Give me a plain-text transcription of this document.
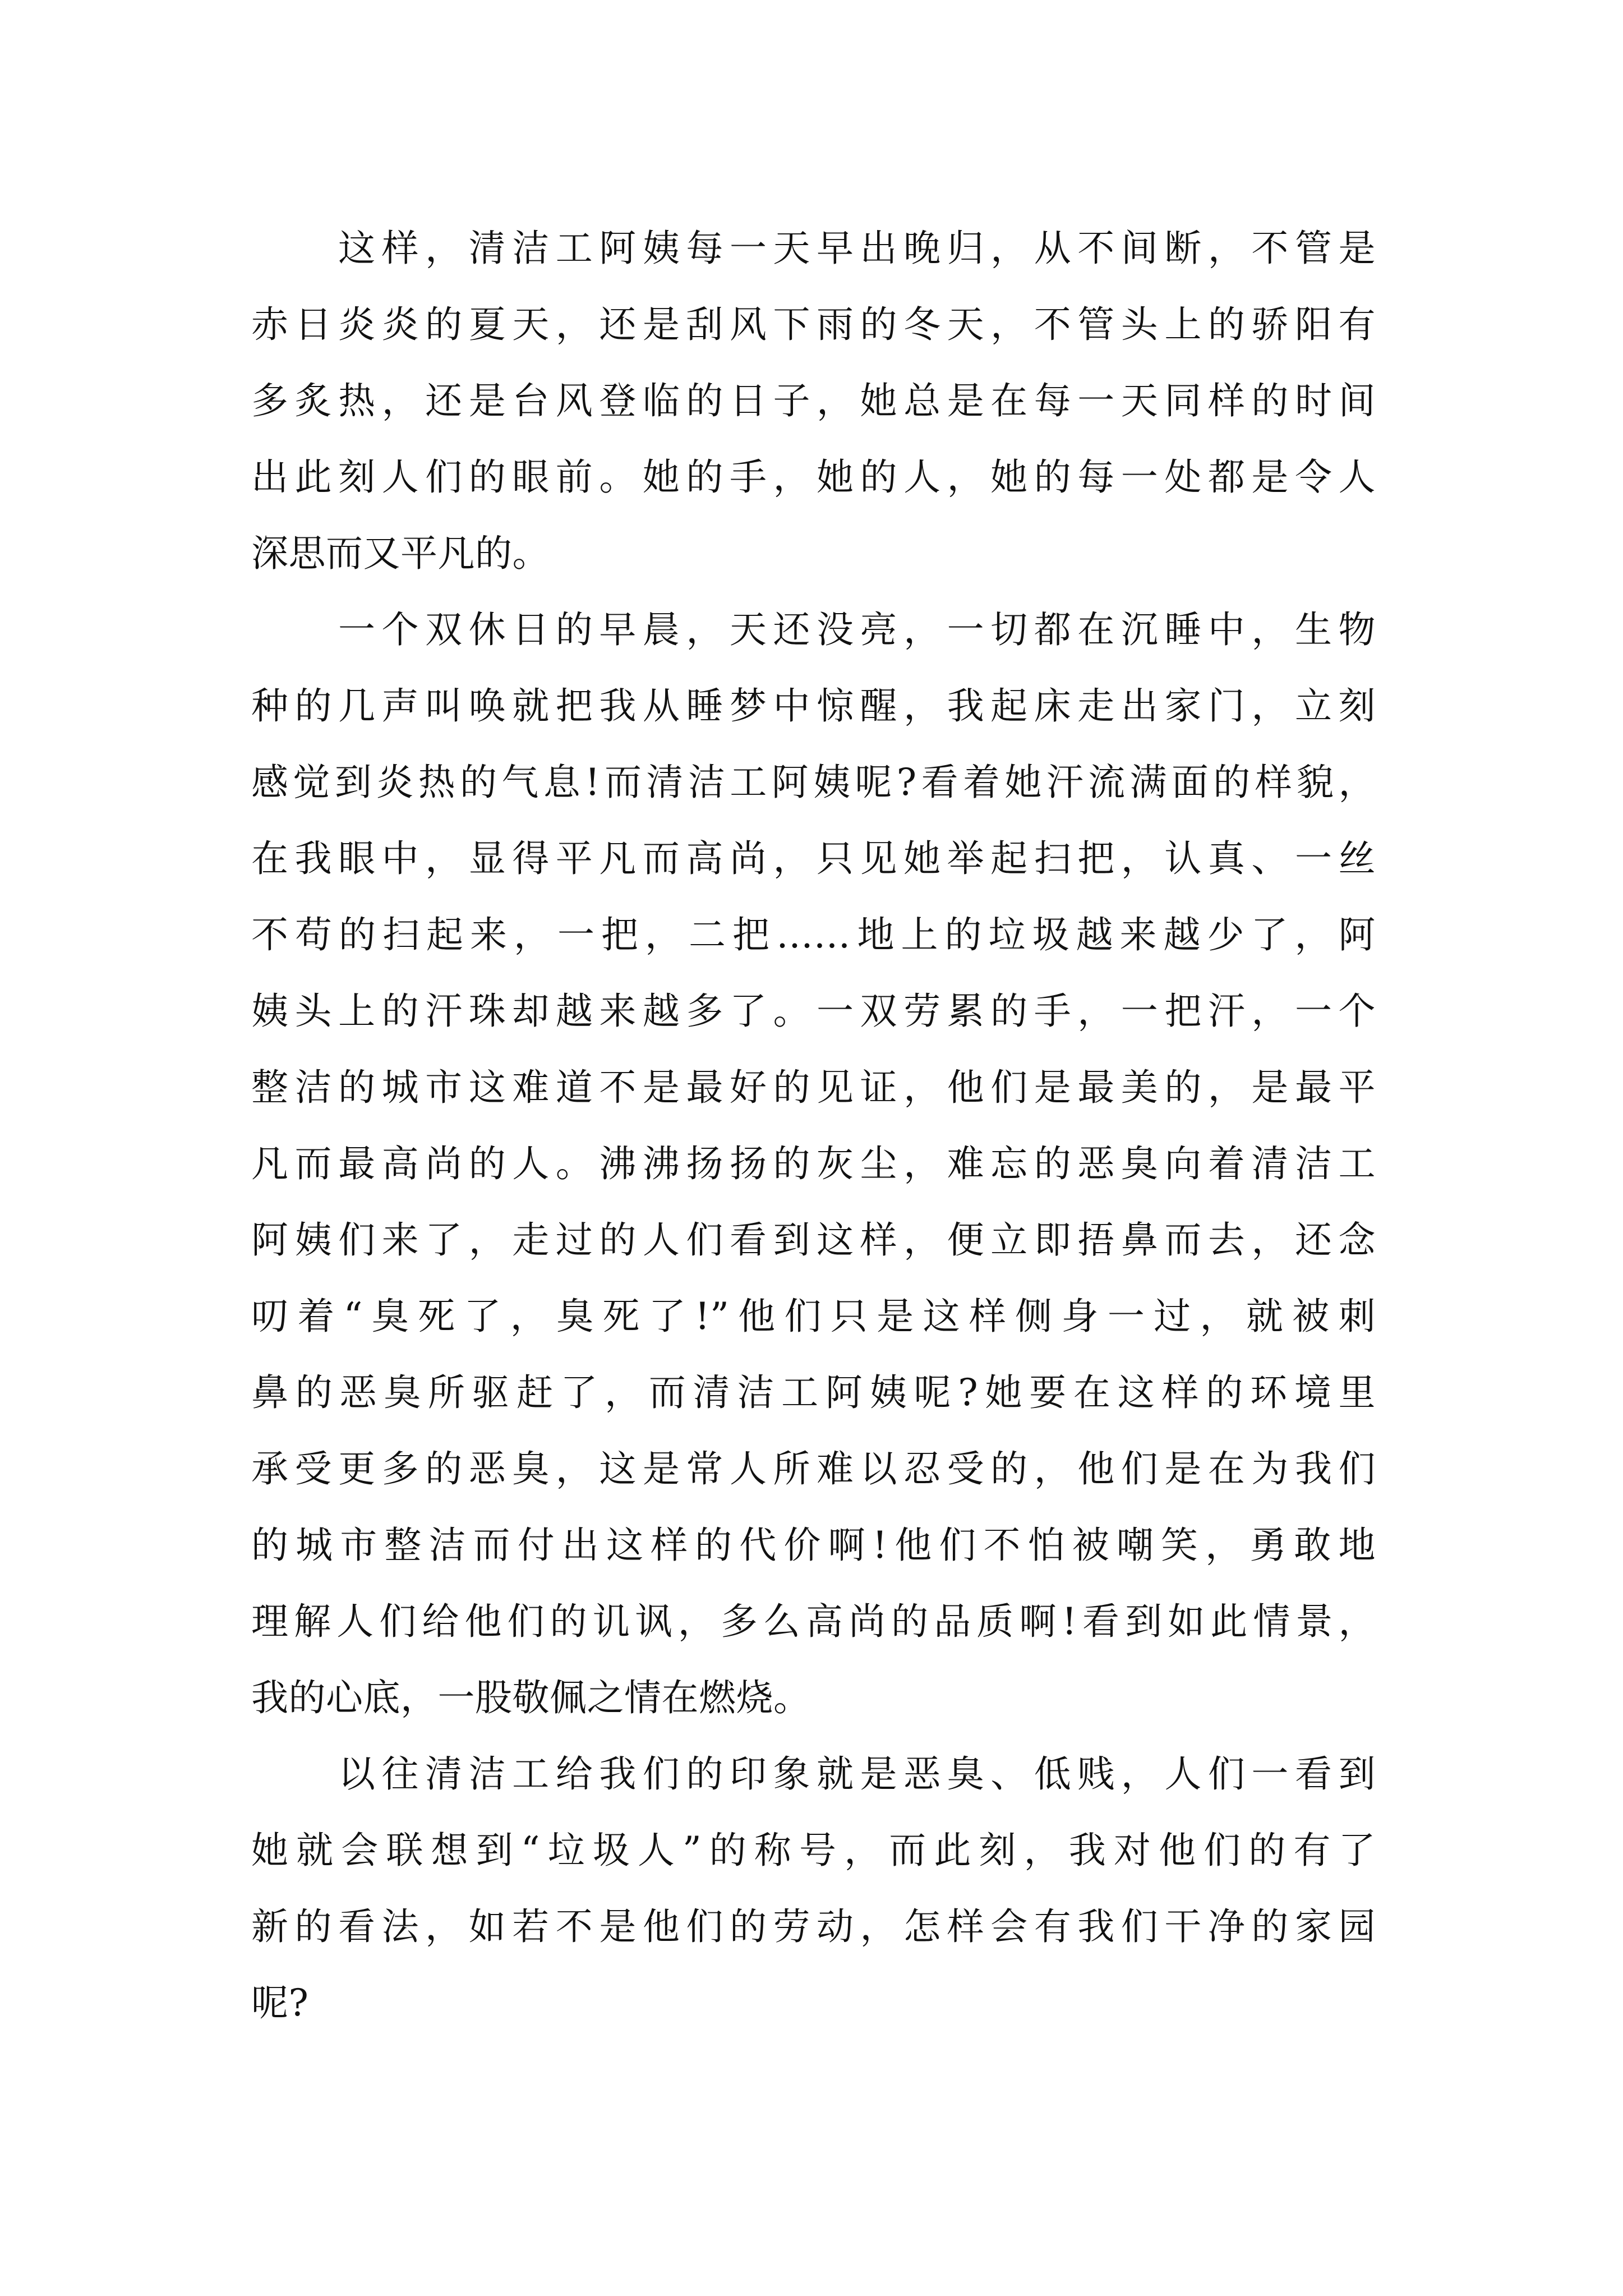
这样，清洁工阿姨每一天早出晚归，从不间断，不管是
赤日炎炎的夏天，还是刮风下雨的冬天，不管头上的骄阳有
多炙热，还是台风登临的日子，她总是在每一天同样的时间
出此刻人们的眼前。她的手，她的人，她的每一处都是令人
深思而又平凡的。
一个双休日的早晨，天还没亮，一切都在沉睡中，生物
种的几声叫唤就把我从睡梦中惊醒，我起床走出家门，立刻
感觉到炎热的气息!而清洁工阿姨呢?看着她汗流满面的样貌，
在我眼中，显得平凡而高尚，只见她举起扫把，认真、一丝
不苟的扫起来，一把，二把……地上的垃圾越来越少了，阿
姨头上的汗珠却越来越多了。一双劳累的手，一把汗，一个
整洁的城市这难道不是最好的见证，他们是最美的，是最平
凡而最高尚的人。沸沸扬扬的灰尘，难忘的恶臭向着清洁工
阿姨们来了，走过的人们看到这样，便立即捂鼻而去，还念
叨着“臭死了，臭死了!”他们只是这样侧身一过，就被刺
鼻的恶臭所驱赶了，而清洁工阿姨呢?她要在这样的环境里
承受更多的恶臭，这是常人所难以忍受的，他们是在为我们
的城市整洁而付出这样的代价啊!他们不怕被嘲笑，勇敢地
理解人们给他们的讥讽，多么高尚的品质啊!看到如此情景，
我的心底，一股敬佩之情在燃烧。
以往清洁工给我们的印象就是恶臭、低贱，人们一看到
她就会联想到“垃圾人”的称号，而此刻，我对他们的有了
新的看法，如若不是他们的劳动，怎样会有我们干净的家园
呢?
